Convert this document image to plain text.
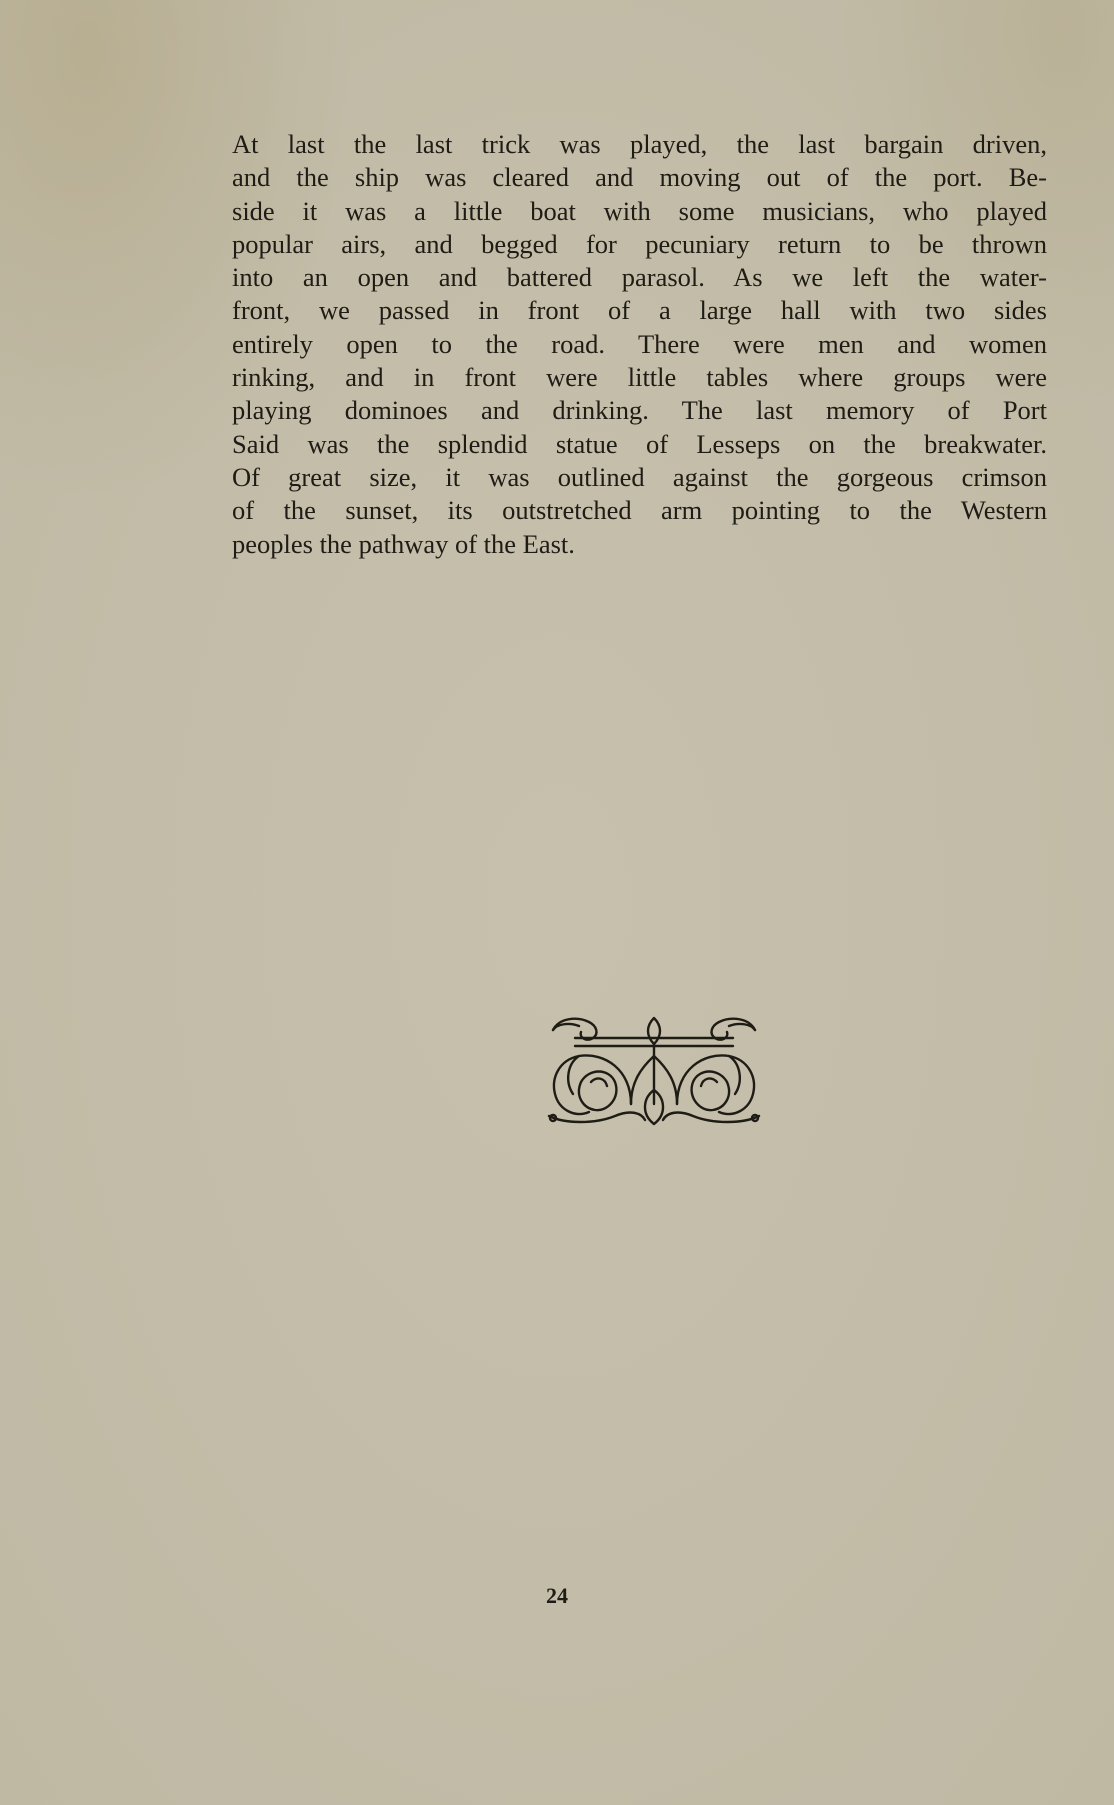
At last the last trick was played, the last bargain driven,
and the ship was cleared and moving out of the port. Be-
side it was a little boat with some musicians, who played
popular airs, and begged for pecuniary return to be thrown
into an open and battered parasol. As we left the water-
front, we passed in front of a large hall with two sides
entirely open to the road. There were men and women
rinking, and in front were little tables where groups were
playing dominoes and drinking. The last memory of Port
Said was the splendid statue of Lesseps on the breakwater.
Of great size, it was outlined against the gorgeous crimson
of the sunset, its outstretched arm pointing to the Western
peoples the pathway of the East.

24
